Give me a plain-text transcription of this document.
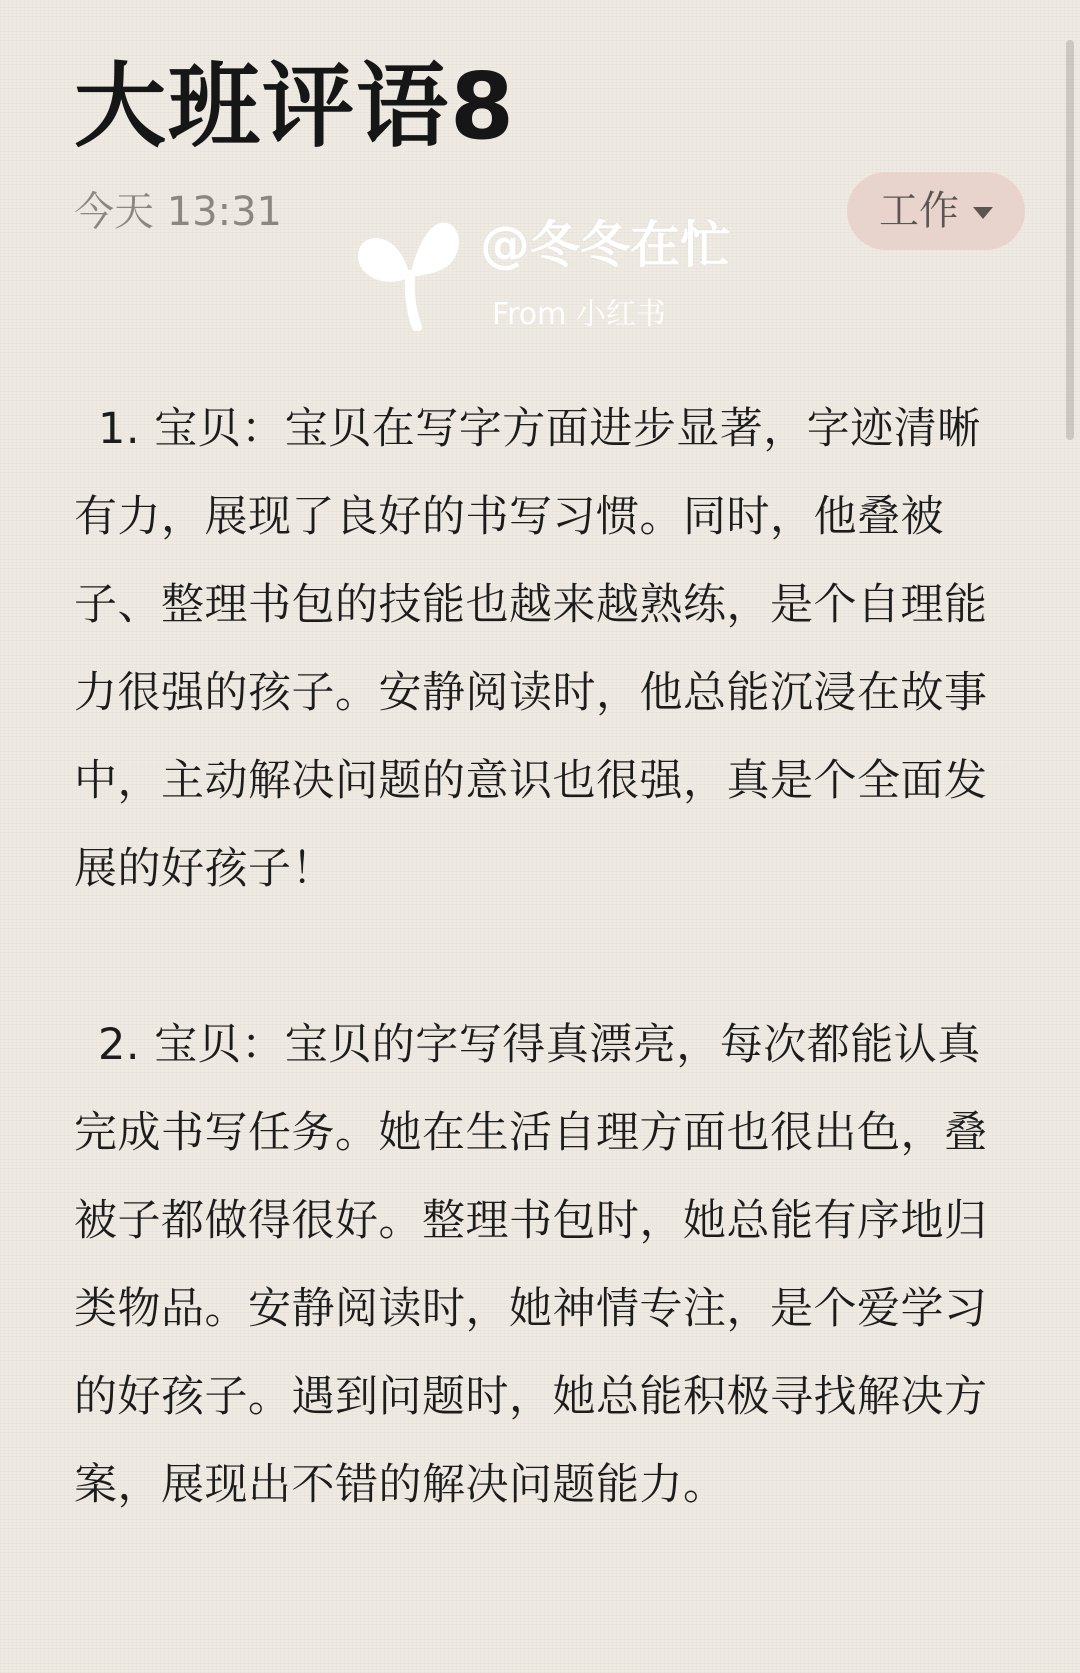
大班评语8
今天 13:31	工作
@冬冬在忙
From 小红书

1. 宝贝：宝贝在写字方面进步显著，字迹清晰有力，展现了良好的书写习惯。同时，他叠被子、整理书包的技能也越来越熟练，是个自理能力很强的孩子。安静阅读时，他总能沉浸在故事中，主动解决问题的意识也很强，真是个全面发展的好孩子！

2. 宝贝：宝贝的字写得真漂亮，每次都能认真完成书写任务。她在生活自理方面也很出色，叠被子都做得很好。整理书包时，她总能有序地归类物品。安静阅读时，她神情专注，是个爱学习的好孩子。遇到问题时，她总能积极寻找解决方案，展现出不错的解决问题能力。
